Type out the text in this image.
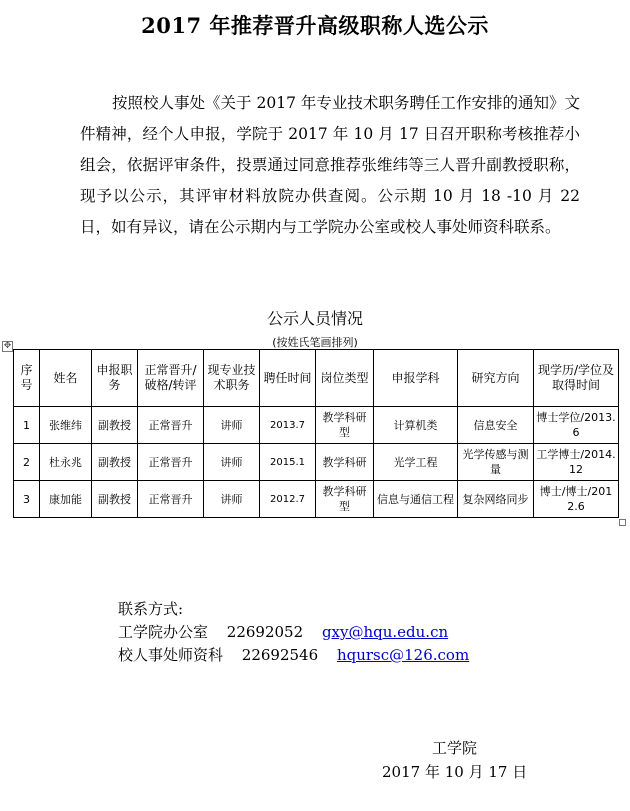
2017 年推荐晋升高级职称人选公示
按照校人事处《关于 2017 年专业技术职务聘任工作安排的通知》文件精神，经个人申报，学院于 2017 年 10 月 17 日召开职称考核推荐小组会，依据评审条件，投票通过同意推荐张维纬等三人晋升副教授职称，现予以公示，其评审材料放院办供查阅。公示期 10 月 18 -10 月 22 日，如有异议，请在公示期内与工学院办公室或校人事处师资科联系。
公示人员情况
(按姓氏笔画排列)
✥
序号	姓名	申报职务	正常晋升/破格/转评	现专业技术职务	聘任时间	岗位类型	申报学科	研究方向	现学历/学位及取得时间
1	张维纬	副教授	正常晋升	讲师	2013.7	教学科研型	计算机类	信息安全	博士学位/2013.6
2	杜永兆	副教授	正常晋升	讲师	2015.1	教学科研	光学工程	光学传感与测量	工学博士/2014.12
3	康加能	副教授	正常晋升	讲师	2012.7	教学科研型	信息与通信工程	复杂网络同步	博士/博士/2012.6
联系方式:
工学院办公室 22692052 gxy@hqu.edu.cn
校人事处师资科 22692546 hqursc@126.com
工学院
2017 年 10 月 17 日
